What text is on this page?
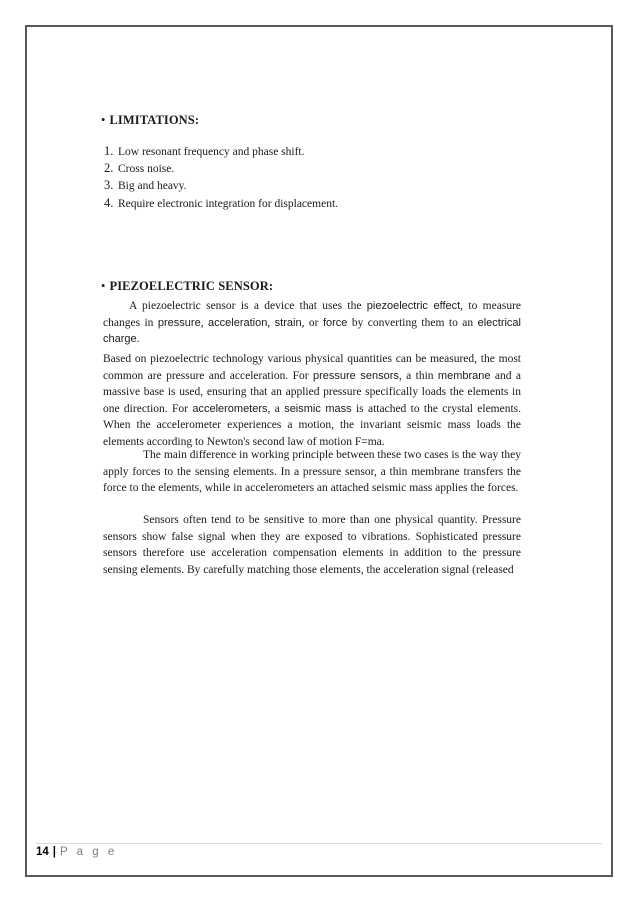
• LIMITATIONS:
1. Low resonant frequency and phase shift.
2. Cross noise.
3. Big and heavy.
4. Require electronic integration for displacement.
• PIEZOELECTRIC SENSOR:

A piezoelectric sensor is a device that uses the piezoelectric effect, to measure changes in pressure, acceleration, strain, or force by converting them to an electrical charge.

Based on piezoelectric technology various physical quantities can be measured, the most common are pressure and acceleration. For pressure sensors, a thin membrane and a massive base is used, ensuring that an applied pressure specifically loads the elements in one direction. For accelerometers, a seismic mass is attached to the crystal elements. When the accelerometer experiences a motion, the invariant seismic mass loads the elements according to Newton's second law of motion F=ma.

The main difference in working principle between these two cases is the way they apply forces to the sensing elements. In a pressure sensor, a thin membrane transfers the force to the elements, while in accelerometers an attached seismic mass applies the forces.

Sensors often tend to be sensitive to more than one physical quantity. Pressure sensors show false signal when they are exposed to vibrations. Sophisticated pressure sensors therefore use acceleration compensation elements in addition to the pressure sensing elements. By carefully matching those elements, the acceleration signal (released

14 | P a g e
